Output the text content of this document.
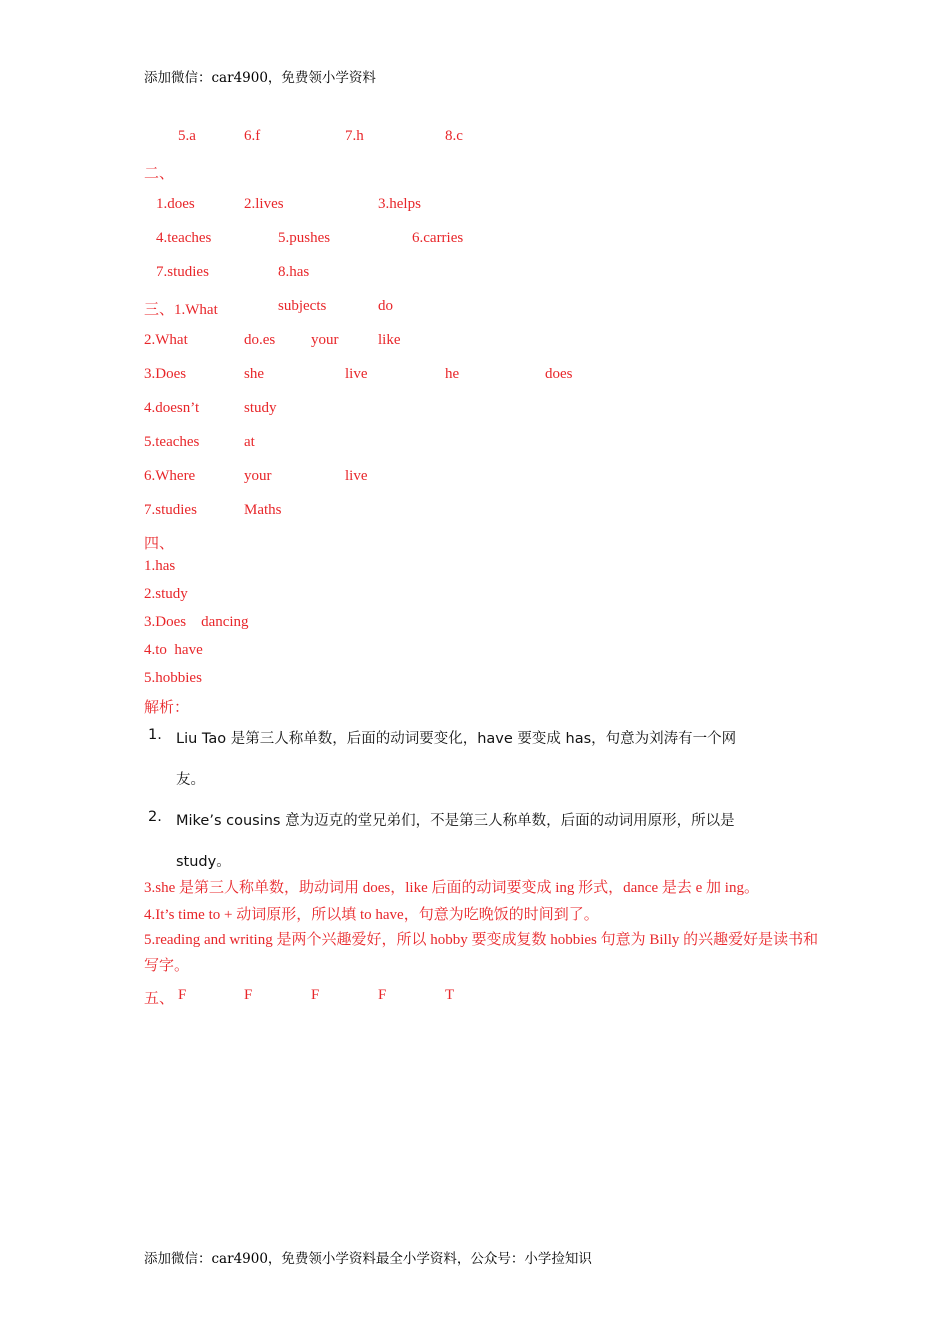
添加微信：car4900，免费领小学资料
5.a	6.f	7.h	8.c
二、
1.does	2.lives	3.helps
4.teaches	5.pushes	6.carries
7.studies	8.has
三、1.What	subjects	do
2.What	do.es your	like
3.Does	she	live	he	does
4.doesn’t	study
5.teaches	at
6.Where	your	live
7.studies	Maths
四、
1.has
2.study
3.Does    dancing
4.to  have
5.hobbies
解析：
1. Liu Tao 是第三人称单数，后面的动词要变化，have 要变成 has，句意为刘涛有一个网
友。
2. Mike’s cousins 意为迈克的堂兄弟们，不是第三人称单数，后面的动词用原形，所以是
study。
3.she 是第三人称单数，助动词用 does，like 后面的动词要变成 ing 形式，dance 是去 e 加 ing。
4.It’s time to + 动词原形，所以填 to have，句意为吃晚饭的时间到了。
5.reading and writing 是两个兴趣爱好，所以 hobby 要变成复数 hobbies 句意为 Billy 的兴趣爱好是读书和写字。
五、 F	F	F	F	T
添加微信：car4900，免费领小学资料最全小学资料，公众号：小学捡知识
